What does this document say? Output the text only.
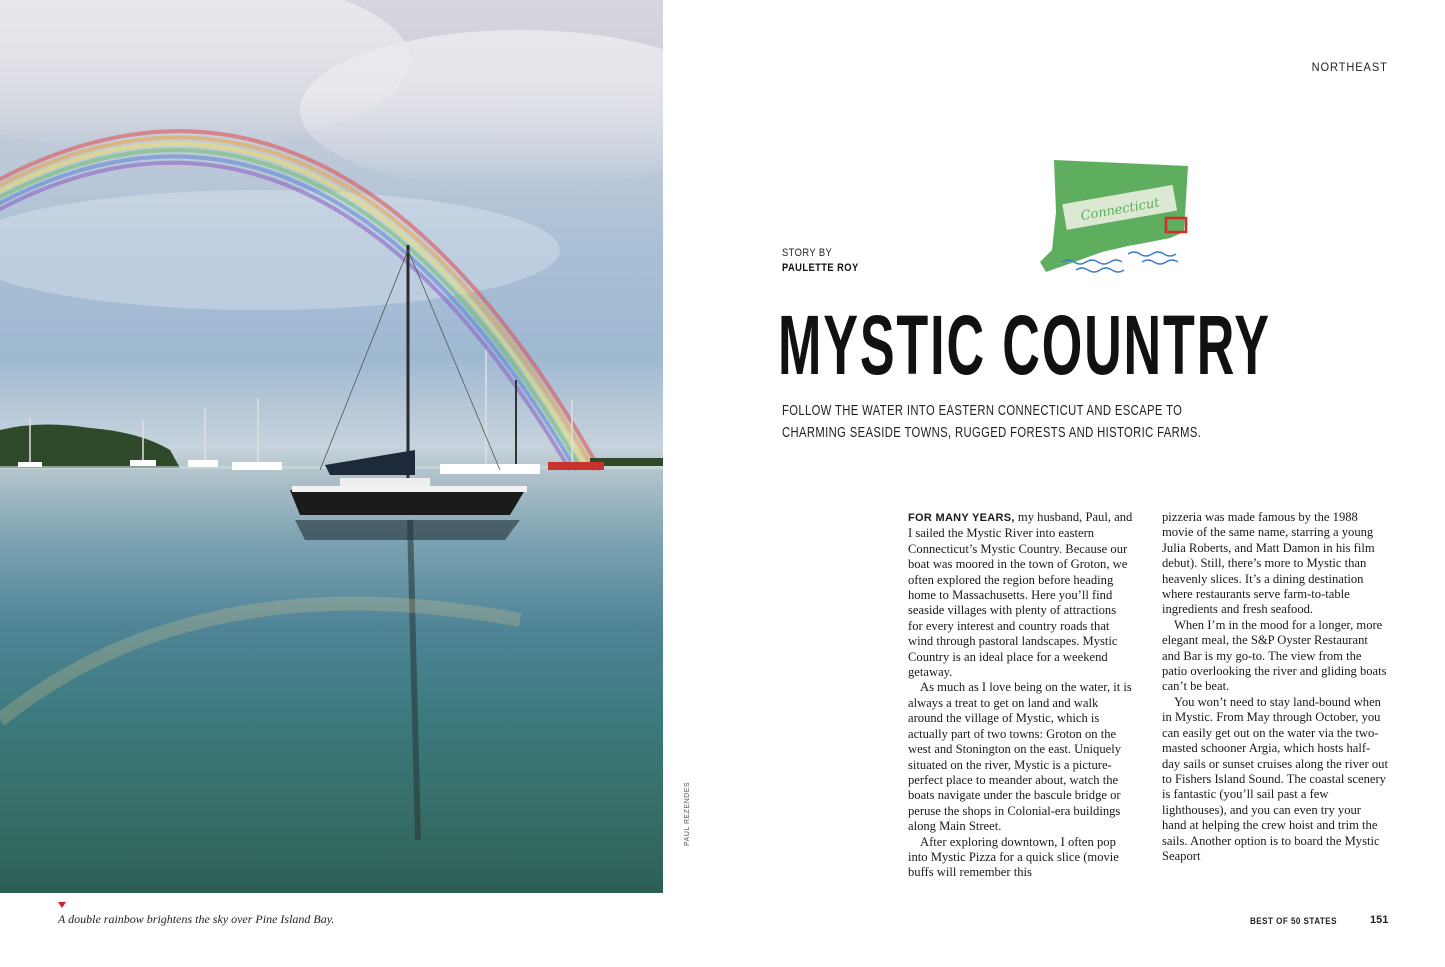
PAUL REZENDES
A double rainbow brightens the sky over Pine Island Bay.
NORTHEAST
Connecticut
STORY BY
PAULETTE ROY
MYSTIC COUNTRY
FOLLOW THE WATER INTO EASTERN CONNECTICUT AND ESCAPE TO CHARMING SEASIDE TOWNS, RUGGED FORESTS AND HISTORIC FARMS.

FOR MANY YEARS, my husband, Paul, and I sailed the Mystic River into eastern Connecticut’s Mystic Country. Because our boat was moored in the town of Groton, we often explored the region before heading home to Massachusetts. Here you’ll find seaside villages with plenty of attractions for every interest and country roads that wind through pastoral landscapes. Mystic Country is an ideal place for a weekend getaway.

As much as I love being on the water, it is always a treat to get on land and walk around the village of Mystic, which is actually part of two towns: Groton on the west and Stonington on the east. Uniquely situated on the river, Mystic is a picture-perfect place to meander about, watch the boats navigate under the bascule bridge or peruse the shops in Colonial-era buildings along Main Street.

After exploring downtown, I often pop into Mystic Pizza for a quick slice (movie buffs will remember this

pizzeria was made famous by the 1988 movie of the same name, starring a young Julia Roberts, and Matt Damon in his film debut). Still, there’s more to Mystic than heavenly slices. It’s a dining destination where restaurants serve farm-to-table ingredients and fresh seafood.

When I’m in the mood for a longer, more elegant meal, the S&P Oyster Restaurant and Bar is my go-to. The view from the patio overlooking the river and gliding boats can’t be beat.

You won’t need to stay land-bound when in Mystic. From May through October, you can easily get out on the water via the two-masted schooner Argia, which hosts half-day sails or sunset cruises along the river out to Fishers Island Sound. The coastal scenery is fantastic (you’ll sail past a few lighthouses), and you can even try your hand at helping the crew hoist and trim the sails. Another option is to board the Mystic Seaport

BEST OF 50 STATES	151
